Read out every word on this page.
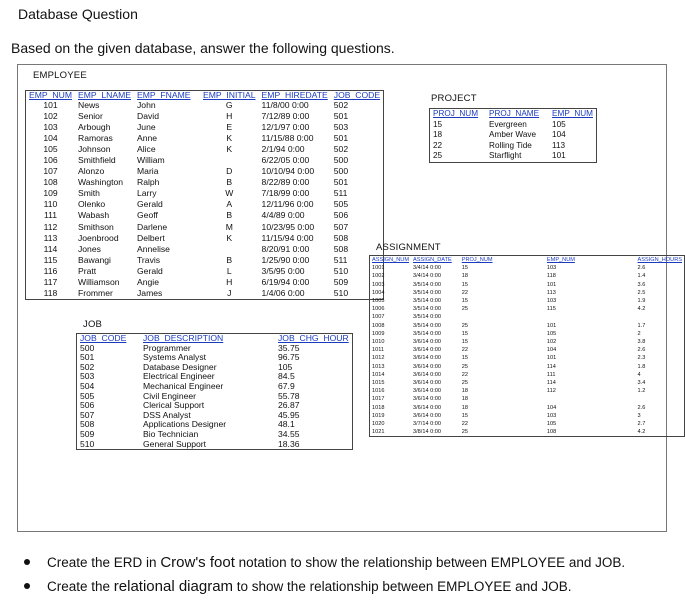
Database Question
Based on the given database, answer the following questions.
EMPLOYEE
EMP_NUM	EMP_LNAME	EMP_FNAME	EMP_INITIAL	EMP_HIREDATE	JOB_CODE
101	News	John	G	11/8/00 0:00	502
102	Senior	David	H	7/12/89 0:00	501
103	Arbough	June	E	12/1/97 0:00	503
104	Ramoras	Anne	K	11/15/88 0:00	501
105	Johnson	Alice	K	2/1/94 0:00	502
106	Smithfield	William		6/22/05 0:00	500
107	Alonzo	Maria	D	10/10/94 0:00	500
108	Washington	Ralph	B	8/22/89 0:00	501
109	Smith	Larry	W	7/18/99 0:00	511
110	Olenko	Gerald	A	12/11/96 0:00	505
111	Wabash	Geoff	B	4/4/89 0:00	506
112	Smithson	Darlene	M	10/23/95 0:00	507
113	Joenbrood	Delbert	K	11/15/94 0:00	508
114	Jones	Annelise		8/20/91 0:00	508
115	Bawangi	Travis	B	1/25/90 0:00	511
116	Pratt	Gerald	L	3/5/95 0:00	510
117	Williamson	Angie	H	6/19/94 0:00	509
118	Frommer	James	J	1/4/06 0:00	510
JOB
JOB_CODE	JOB_DESCRIPTION	JOB_CHG_HOUR
500	Programmer	35.75
501	Systems Analyst	96.75
502	Database Designer	105
503	Electrical Engineer	84.5
504	Mechanical Engineer	67.9
505	Civil Engineer	55.78
506	Clerical Support	26.87
507	DSS Analyst	45.95
508	Applications Designer	48.1
509	Bio Technician	34.55
510	General Support	18.36
PROJECT
PROJ_NUM	PROJ_NAME	EMP_NUM
15	Evergreen	105
18	Amber Wave	104
22	Rolling Tide	113
25	Starflight	101
ASSIGNMENT
ASSIGN_NUM	ASSIGN_DATE	PROJ_NUM	EMP_NUM	ASSIGN_HOURS
1001	3/4/14 0:00	15	103	2.6
1002	3/4/14 0:00	18	118	1.4
1003	3/5/14 0:00	15	101	3.6
1004	3/5/14 0:00	22	113	2.5
1005	3/5/14 0:00	15	103	1.9
1006	3/5/14 0:00	25	115	4.2
1007	3/5/14 0:00			
1008	3/5/14 0:00	25	101	1.7
1009	3/5/14 0:00	15	105	2
1010	3/6/14 0:00	15	102	3.8
1011	3/6/14 0:00	22	104	2.6
1012	3/6/14 0:00	15	101	2.3
1013	3/6/14 0:00	25	114	1.8
1014	3/6/14 0:00	22	111	4
1015	3/6/14 0:00	25	114	3.4
1016	3/6/14 0:00	18	112	1.2
1017	3/6/14 0:00	18		
1018	3/6/14 0:00	18	104	2.6
1019	3/6/14 0:00	15	103	3
1020	3/7/14 0:00	22	105	2.7
1021	3/8/14 0:00	25	108	4.2
Create the ERD in Crow's foot notation to show the relationship between EMPLOYEE and JOB.
Create the relational diagram to show the relationship between EMPLOYEE and JOB.
